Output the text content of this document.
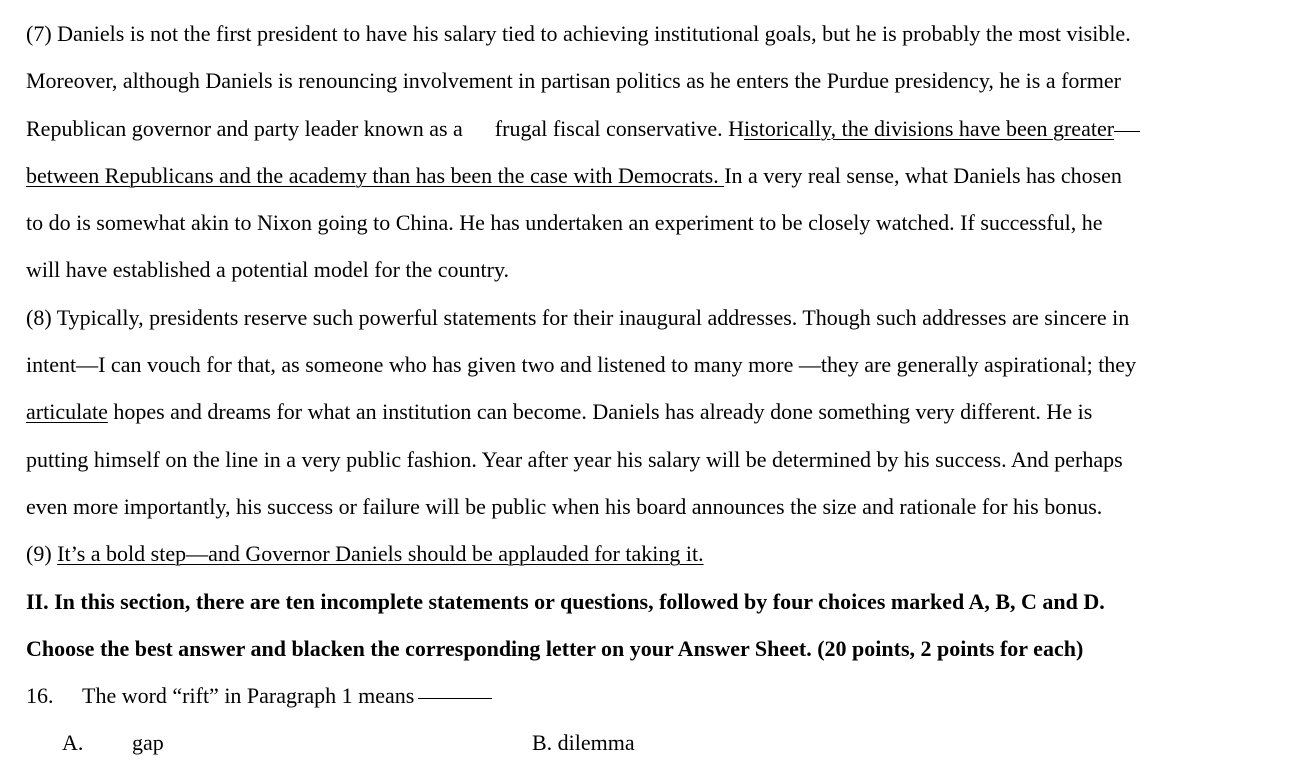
(7) Daniels is not the first president to have his salary tied to achieving institutional goals, but he is probably the most visible.
Moreover, although Daniels is renouncing involvement in partisan politics as he enters the Purdue presidency, he is a former
Republican governor and party leader known as a frugal fiscal conservative. Historically, the divisions have been greater
between Republicans and the academy than has been the case with Democrats. In a very real sense, what Daniels has chosen
to do is somewhat akin to Nixon going to China. He has undertaken an experiment to be closely watched. If successful, he
will have established a potential model for the country.
(8) Typically, presidents reserve such powerful statements for their inaugural addresses. Though such addresses are sincere in
intent—I can vouch for that, as someone who has given two and listened to many more —they are generally aspirational; they
articulate hopes and dreams for what an institution can become. Daniels has already done something very different. He is
putting himself on the line in a very public fashion. Year after year his salary will be determined by his success. And perhaps
even more importantly, his success or failure will be public when his board announces the size and rationale for his bonus.
(9) It’s a bold step—and Governor Daniels should be applauded for taking it.
II. In this section, there are ten incomplete statements or questions, followed by four choices marked A, B, C and D.
Choose the best answer and blacken the corresponding letter on your Answer Sheet. (20 points, 2 points for each)
16. The word “rift” in Paragraph 1 means
A. gap	B. dilemma
